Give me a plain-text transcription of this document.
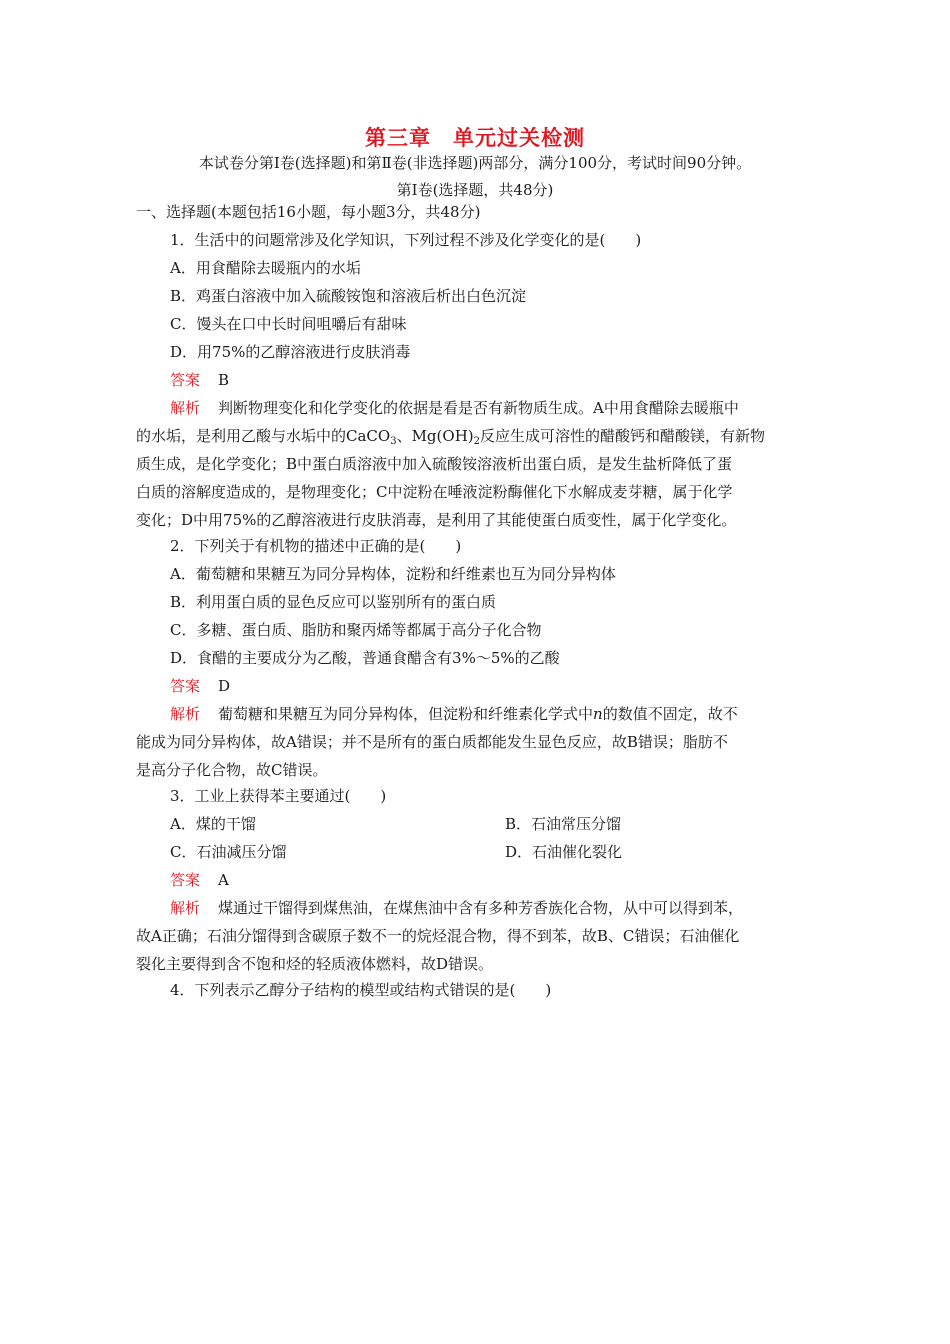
第三章　单元过关检测
本试卷分第Ⅰ卷(选择题)和第Ⅱ卷(非选择题)两部分，满分100分，考试时间90分钟。
第Ⅰ卷(选择题，共48分)
一、选择题(本题包括16小题，每小题3分，共48分)
1．生活中的问题常涉及化学知识，下列过程不涉及化学变化的是(　　)
A．用食醋除去暖瓶内的水垢
B．鸡蛋白溶液中加入硫酸铵饱和溶液后析出白色沉淀
C．馒头在口中长时间咀嚼后有甜味
D．用75%的乙醇溶液进行皮肤消毒
答案 B
解析 判断物理变化和化学变化的依据是看是否有新物质生成。A中用食醋除去暖瓶中
的水垢，是利用乙酸与水垢中的CaCO$_3$、$Mg(OH)_2$反应生成可溶性的醋酸钙和醋酸镁，有新物
质生成，是化学变化；B中蛋白质溶液中加入硫酸铵溶液析出蛋白质，是发生盐析降低了蛋
白质的溶解度造成的，是物理变化；C中淀粉在唾液淀粉酶催化下水解成麦芽糖，属于化学
变化；D中用75%的乙醇溶液进行皮肤消毒，是利用了其能使蛋白质变性，属于化学变化。
2．下列关于有机物的描述中正确的是(　　)
A．葡萄糖和果糖互为同分异构体，淀粉和纤维素也互为同分异构体
B．利用蛋白质的显色反应可以鉴别所有的蛋白质
C．多糖、蛋白质、脂肪和聚丙烯等都属于高分子化合物
D．食醋的主要成分为乙酸，普通食醋含有3%～5%的乙酸
答案 D
解析 葡萄糖和果糖互为同分异构体，但淀粉和纤维素化学式中n的数值不固定，故不
能成为同分异构体，故A错误；并不是所有的蛋白质都能发生显色反应，故B错误；脂肪不
是高分子化合物，故C错误。
3．工业上获得苯主要通过(　　)
A．煤的干馏	B．石油常压分馏
C．石油减压分馏	D．石油催化裂化
答案 A
解析 煤通过干馏得到煤焦油，在煤焦油中含有多种芳香族化合物，从中可以得到苯，
故A正确；石油分馏得到含碳原子数不一的烷烃混合物，得不到苯，故B、C错误；石油催化
裂化主要得到含不饱和烃的轻质液体燃料，故D错误。
4．下列表示乙醇分子结构的模型或结构式错误的是(　　)
